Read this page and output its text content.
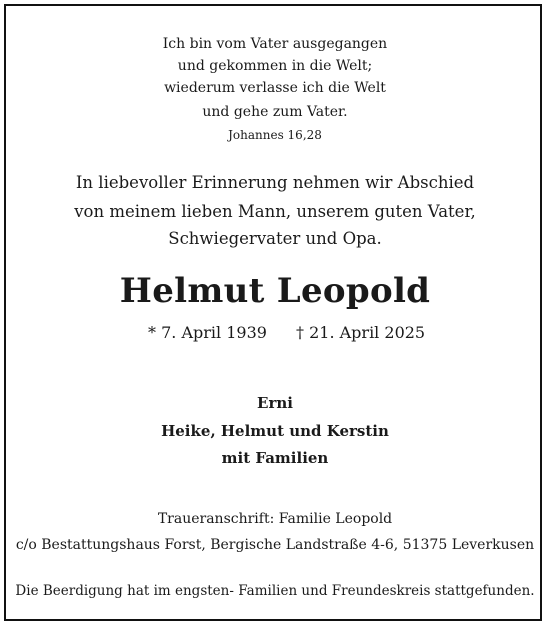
Ich bin vom Vater ausgegangen
und gekommen in die Welt;
wiederum verlasse ich die Welt
und gehe zum Vater.
Johannes 16,28
In liebevoller Erinnerung nehmen wir Abschied
von meinem lieben Mann, unserem guten Vater,
Schwiegervater und Opa.
Helmut Leopold
* 7. April 1939 † 21. April 2025
Erni
Heike, Helmut und Kerstin
mit Familien
Traueranschrift: Familie Leopold
c/o Bestattungshaus Forst, Bergische Landstraße 4-6, 51375 Leverkusen
Die Beerdigung hat im engsten- Familien und Freundeskreis stattgefunden.
